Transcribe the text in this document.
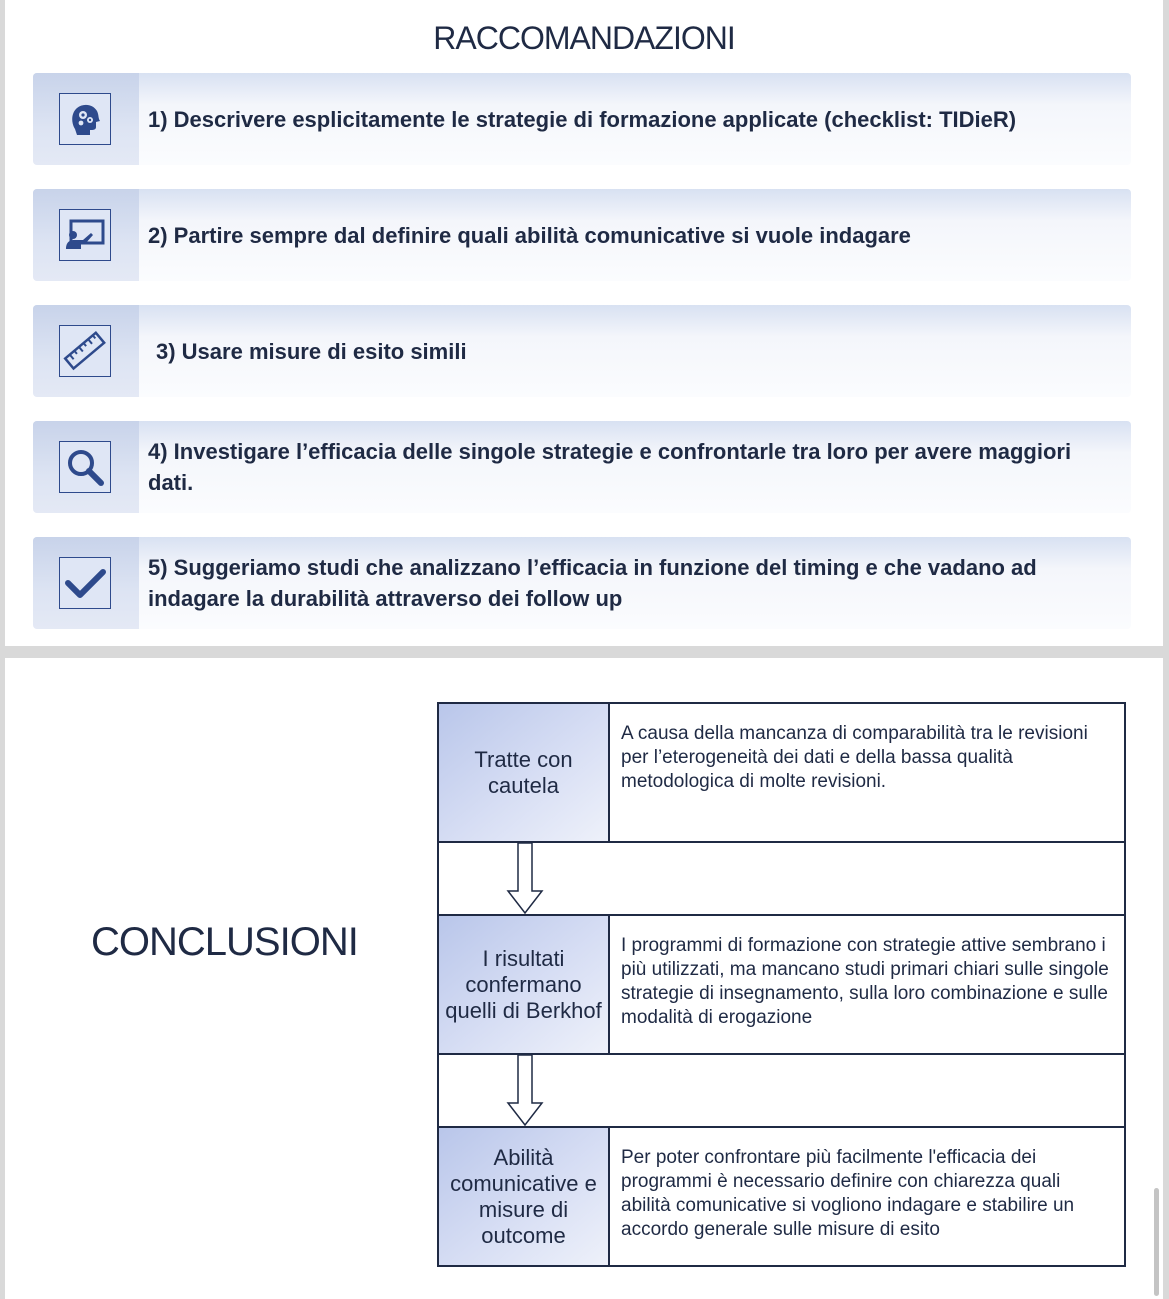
RACCOMANDAZIONI
1) Descrivere esplicitamente le strategie di formazione applicate (checklist: TIDieR)
2) Partire sempre dal definire quali abilità comunicative si vuole indagare
3) Usare misure di esito simili
4) Investigare l’efficacia delle singole strategie e confrontarle tra loro per avere maggiori dati.
5) Suggeriamo studi che analizzano l’efficacia in funzione del timing e che vadano ad indagare la durabilità attraverso dei follow up
CONCLUSIONI
Tratte con cautela
A causa della mancanza di comparabilità tra le revisioni per l’eterogeneità dei dati e della bassa qualità metodologica di molte revisioni.
I risultati confermano quelli di Berkhof
I programmi di formazione con strategie attive sembrano i più utilizzati, ma mancano studi primari chiari sulle singole strategie di insegnamento, sulla loro combinazione e sulle modalità di erogazione
Abilità comunicative e misure di outcome
Per poter confrontare più facilmente l'efficacia dei programmi è necessario definire con chiarezza quali abilità comunicative si vogliono indagare e stabilire un accordo generale sulle misure di esito
